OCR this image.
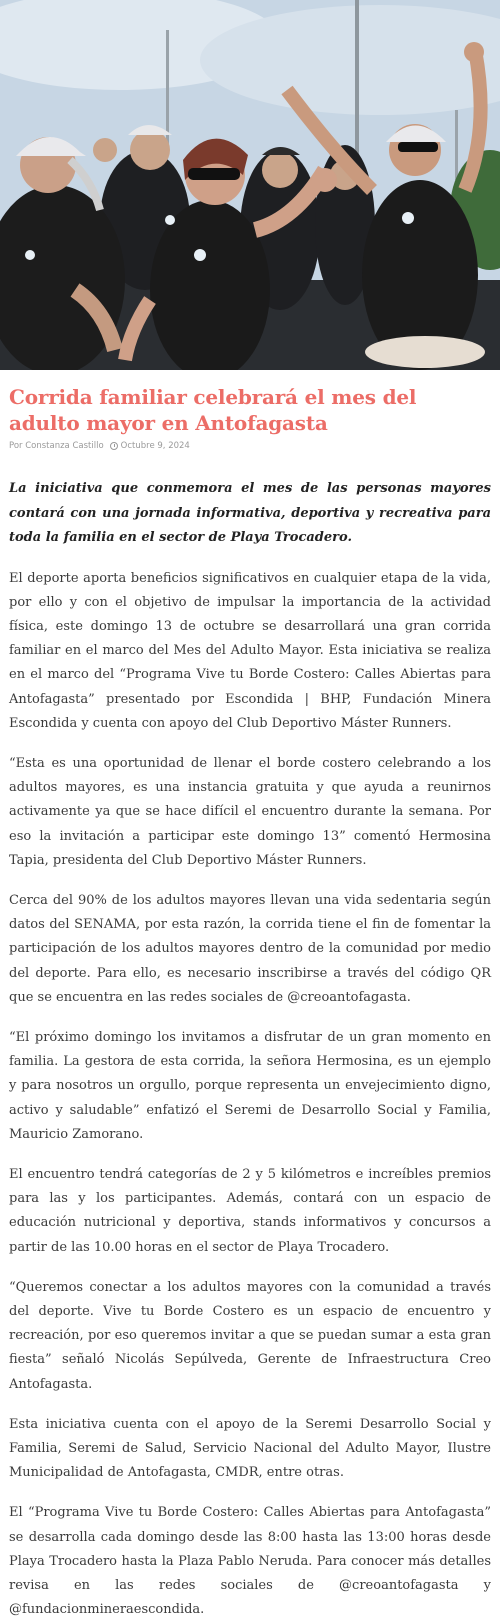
Corrida familiar celebrará el mes del adulto mayor en Antofagasta
Por Constanza Castillo Octubre 9, 2024

La iniciativa que conmemora el mes de las personas mayores contará con una jornada informativa, deportiva y recreativa para toda la familia en el sector de Playa Trocadero.

El deporte aporta beneficios significativos en cualquier etapa de la vida, por ello y con el objetivo de impulsar la importancia de la actividad física, este domingo 13 de octubre se desarrollará una gran corrida familiar en el marco del Mes del Adulto Mayor. Esta iniciativa se realiza en el marco del “Programa Vive tu Borde Costero: Calles Abiertas para Antofagasta” presentado por Escondida | BHP, Fundación Minera Escondida y cuenta con apoyo del Club Deportivo Máster Runners.

“Esta es una oportunidad de llenar el borde costero celebrando a los adultos mayores, es una instancia gratuita y que ayuda a reunirnos activamente ya que se hace difícil el encuentro durante la semana. Por eso la invitación a participar este domingo 13” comentó Hermosina Tapia, presidenta del Club Deportivo Máster Runners.

Cerca del 90% de los adultos mayores llevan una vida sedentaria según datos del SENAMA, por esta razón, la corrida tiene el fin de fomentar la participación de los adultos mayores dentro de la comunidad por medio del deporte. Para ello, es necesario inscribirse a través del código QR que se encuentra en las redes sociales de @creoantofagasta.

“El próximo domingo los invitamos a disfrutar de un gran momento en familia. La gestora de esta corrida, la señora Hermosina, es un ejemplo y para nosotros un orgullo, porque representa un envejecimiento digno, activo y saludable” enfatizó el Seremi de Desarrollo Social y Familia, Mauricio Zamorano.

El encuentro tendrá categorías de 2 y 5 kilómetros e increíbles premios para las y los participantes. Además, contará con un espacio de educación nutricional y deportiva, stands informativos y concursos a partir de las 10.00 horas en el sector de Playa Trocadero.

“Queremos conectar a los adultos mayores con la comunidad a través del deporte. Vive tu Borde Costero es un espacio de encuentro y recreación, por eso queremos invitar a que se puedan sumar a esta gran fiesta” señaló Nicolás Sepúlveda, Gerente de Infraestructura Creo Antofagasta.

Esta iniciativa cuenta con el apoyo de la Seremi Desarrollo Social y Familia, Seremi de Salud, Servicio Nacional del Adulto Mayor, Ilustre Municipalidad de Antofagasta, CMDR, entre otras.

El “Programa Vive tu Borde Costero: Calles Abiertas para Antofagasta” se desarrolla cada domingo desde las 8:00 hasta las 13:00 horas desde Playa Trocadero hasta la Plaza Pablo Neruda. Para conocer más detalles revisa en las redes sociales de @creoantofagasta y @fundacionmineraescondida.
